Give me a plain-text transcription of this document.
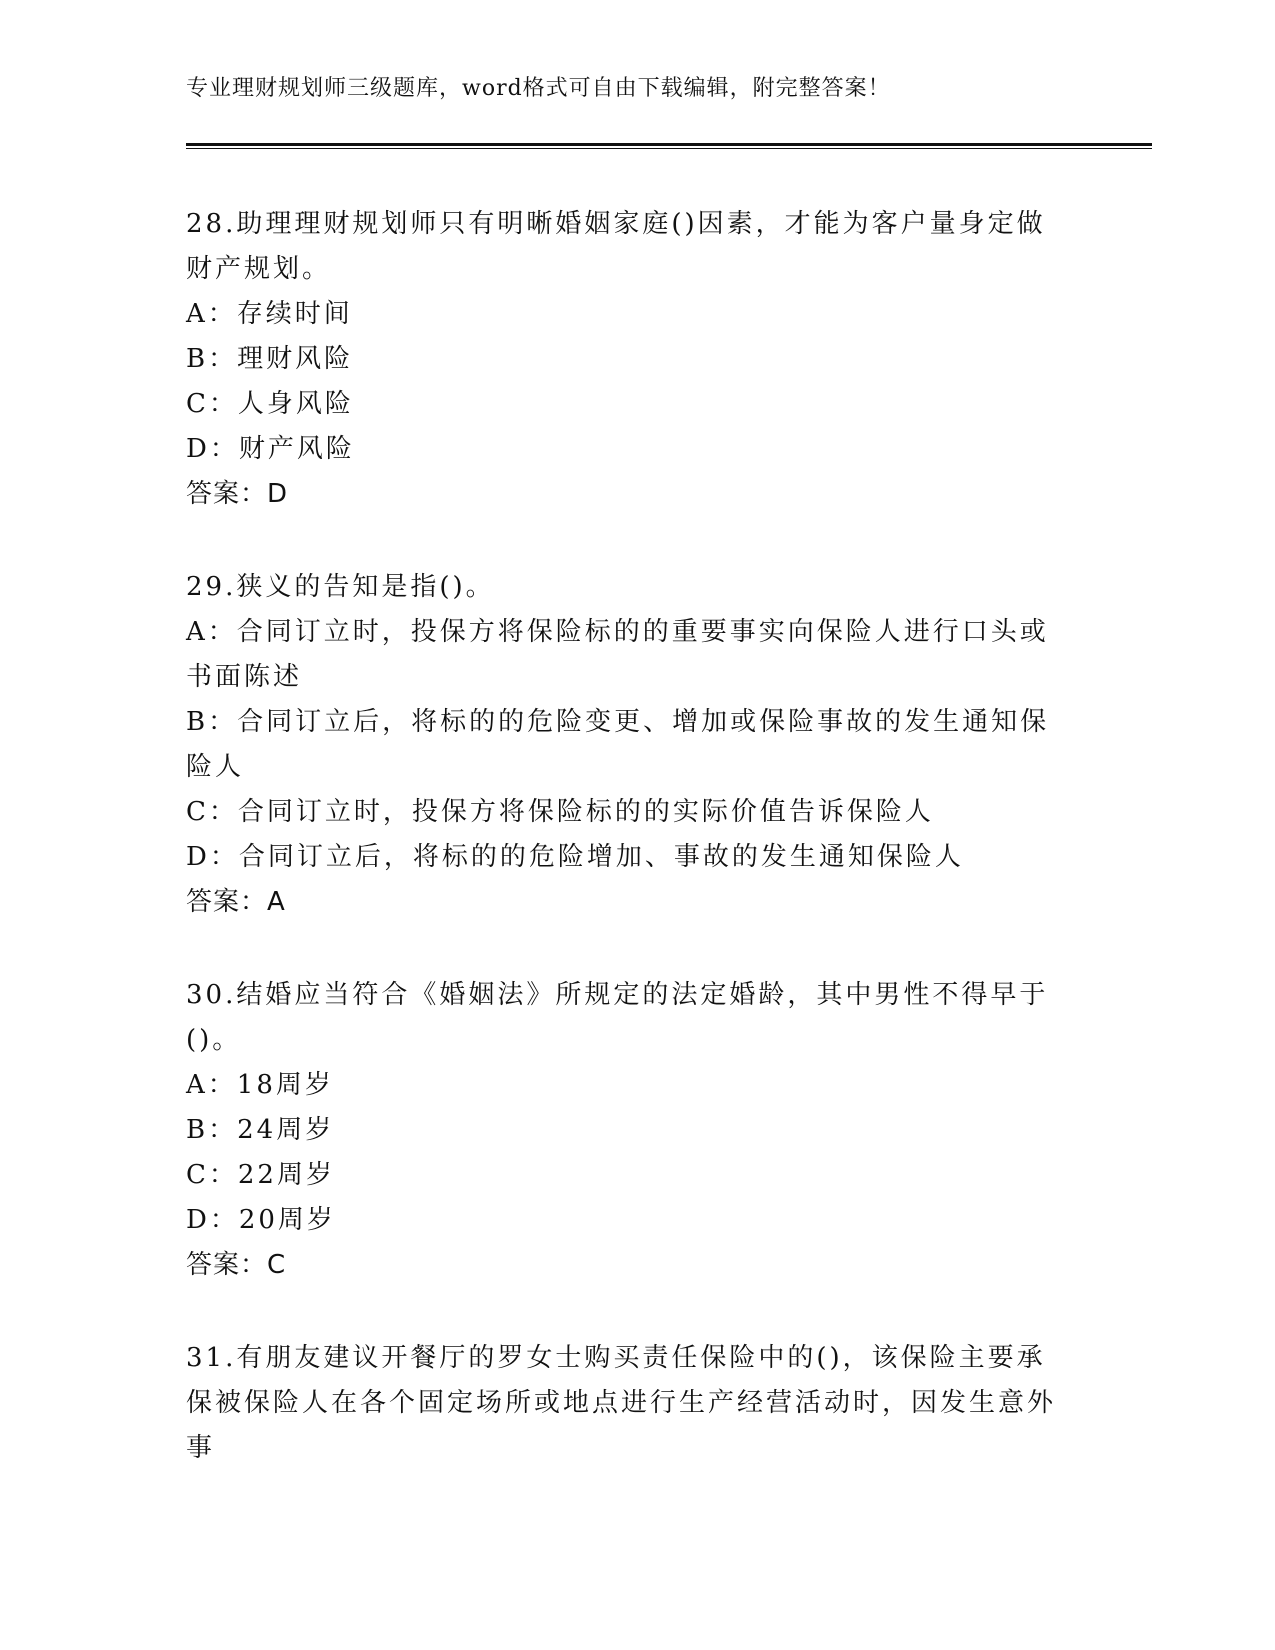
专业理财规划师三级题库，word格式可自由下载编辑，附完整答案！

28.助理理财规划师只有明晰婚姻家庭()因素，才能为客户量身定做财产规划。

A：存续时间

B：理财风险

C：人身风险

D：财产风险

答案：D

29.狭义的告知是指()。

A：合同订立时，投保方将保险标的的重要事实向保险人进行口头或书面陈述

B：合同订立后，将标的的危险变更、增加或保险事故的发生通知保险人

C：合同订立时，投保方将保险标的的实际价值告诉保险人

D：合同订立后，将标的的危险增加、事故的发生通知保险人

答案：A

30.结婚应当符合《婚姻法》所规定的法定婚龄，其中男性不得早于()。

A：18周岁

B：24周岁

C：22周岁

D：20周岁

答案：C

31.有朋友建议开餐厅的罗女士购买责任保险中的()，该保险主要承保被保险人在各个固定场所或地点进行生产经营活动时，因发生意外事
